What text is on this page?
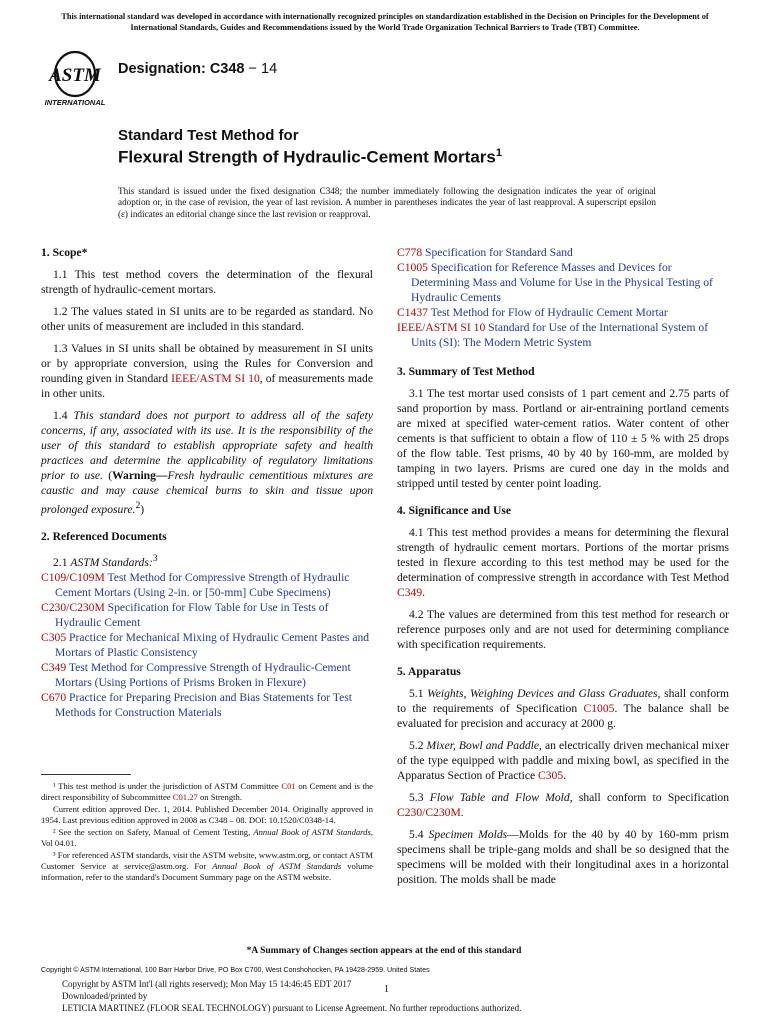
This international standard was developed in accordance with internationally recognized principles on standardization established in the Decision on Principles for the Development of International Standards, Guides and Recommendations issued by the World Trade Organization Technical Barriers to Trade (TBT) Committee.
ASTM
INTERNATIONAL
Designation: C348 − 14
Standard Test Method for
Flexural Strength of Hydraulic-Cement Mortars$^1$
This standard is issued under the fixed designation C348; the number immediately following the designation indicates the year of original adoption or, in the case of revision, the year of last revision. A number in parentheses indicates the year of last reapproval. A superscript epsilon (ε) indicates an editorial change since the last revision or reapproval.
1. Scope*

1.1 This test method covers the determination of the flexural strength of hydraulic-cement mortars.

1.2 The values stated in SI units are to be regarded as standard. No other units of measurement are included in this standard.

1.3 Values in SI units shall be obtained by measurement in SI units or by appropriate conversion, using the Rules for Conversion and rounding given in Standard IEEE/ASTM SI 10, of measurements made in other units.

1.4 This standard does not purport to address all of the safety concerns, if any, associated with its use. It is the responsibility of the user of this standard to establish appropriate safety and health practices and determine the applicability of regulatory limitations prior to use. (Warning—Fresh hydraulic cementitious mixtures are caustic and may cause chemical burns to skin and tissue upon prolonged exposure.$^2$)

2. Referenced Documents

2.1 ASTM Standards:$^3$

C109/C109M Test Method for Compressive Strength of Hydraulic Cement Mortars (Using 2-in. or [50-mm] Cube Specimens)
C230/C230M Specification for Flow Table for Use in Tests of Hydraulic Cement
C305 Practice for Mechanical Mixing of Hydraulic Cement Pastes and Mortars of Plastic Consistency
C349 Test Method for Compressive Strength of Hydraulic-Cement Mortars (Using Portions of Prisms Broken in Flexure)
C670 Practice for Preparing Precision and Bias Statements for Test Methods for Construction Materials

¹ This test method is under the jurisdiction of ASTM Committee C01 on Cement and is the direct responsibility of Subcommittee C01.27 on Strength.

Current edition approved Dec. 1, 2014. Published December 2014. Originally approved in 1954. Last previous edition approved in 2008 as C348 – 08. DOI: 10.1520/C0348-14.

² See the section on Safety, Manual of Cement Testing, Annual Book of ASTM Standards, Vol 04.01.

³ For referenced ASTM standards, visit the ASTM website, www.astm.org, or contact ASTM Customer Service at service@astm.org. For Annual Book of ASTM Standards volume information, refer to the standard's Document Summary page on the ASTM website.

C778 Specification for Standard Sand
C1005 Specification for Reference Masses and Devices for Determining Mass and Volume for Use in the Physical Testing of Hydraulic Cements
C1437 Test Method for Flow of Hydraulic Cement Mortar
IEEE/ASTM SI 10 Standard for Use of the International System of Units (SI): The Modern Metric System
3. Summary of Test Method

3.1 The test mortar used consists of 1 part cement and 2.75 parts of sand proportion by mass. Portland or air-entraining portland cements are mixed at specified water-cement ratios. Water content of other cements is that sufficient to obtain a flow of 110 ± 5 % with 25 drops of the flow table. Test prisms, 40 by 40 by 160-mm, are molded by tamping in two layers. Prisms are cured one day in the molds and stripped until tested by center point loading.

4. Significance and Use

4.1 This test method provides a means for determining the flexural strength of hydraulic cement mortars. Portions of the mortar prisms tested in flexure according to this test method may be used for the determination of compressive strength in accordance with Test Method C349.

4.2 The values are determined from this test method for research or reference purposes only and are not used for determining compliance with specification requirements.

5. Apparatus

5.1 Weights, Weighing Devices and Glass Graduates, shall conform to the requirements of Specification C1005. The balance shall be evaluated for precision and accuracy at 2000 g.

5.2 Mixer, Bowl and Paddle, an electrically driven mechanical mixer of the type equipped with paddle and mixing bowl, as specified in the Apparatus Section of Practice C305.

5.3 Flow Table and Flow Mold, shall conform to Specification C230/C230M.

5.4 Specimen Molds—Molds for the 40 by 40 by 160-mm prism specimens shall be triple-gang molds and shall be so designed that the specimens will be molded with their longitudinal axes in a horizontal position. The molds shall be made

*A Summary of Changes section appears at the end of this standard
Copyright © ASTM International, 100 Barr Harbor Drive, PO Box C700, West Conshohocken, PA 19428-2959. United States
Copyright by ASTM Int'l (all rights reserved); Mon May 15 14:46:45 EDT 2017
Downloaded/printed by
LETICIA MARTINEZ (FLOOR SEAL TECHNOLOGY) pursuant to License Agreement. No further reproductions authorized.
1
